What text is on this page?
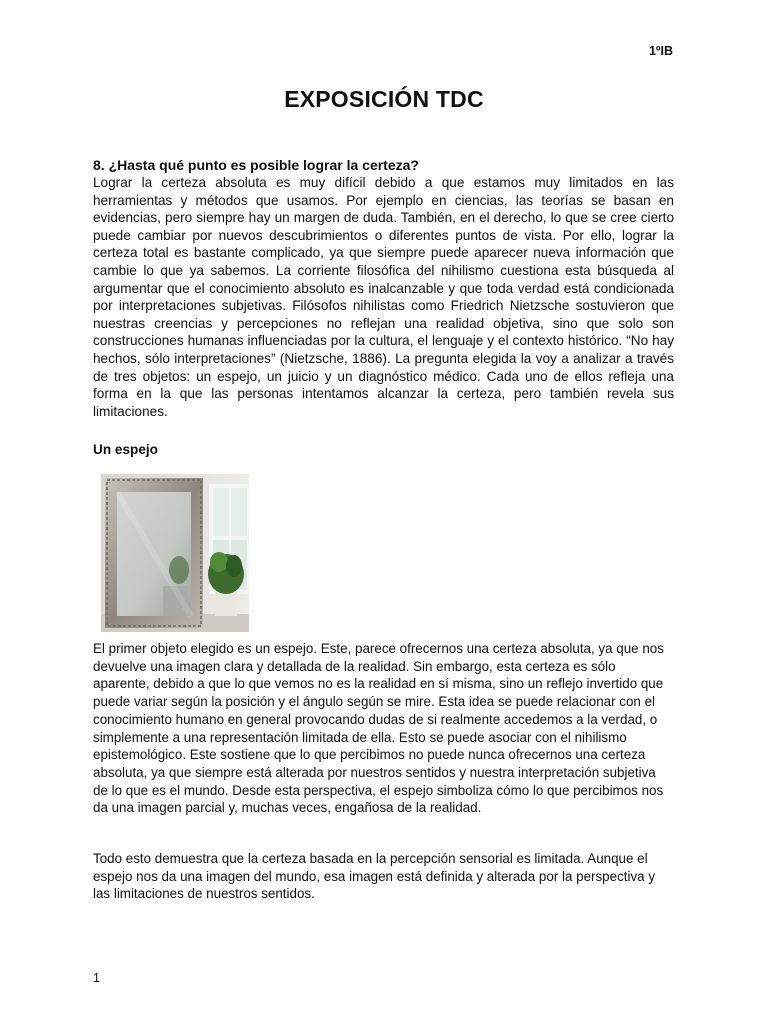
1ºIB
EXPOSICIÓN TDC

8. ¿Hasta qué punto es posible lograr la certeza?

Lograr la certeza absoluta es muy difícil debido a que estamos muy limitados en las herramientas y métodos que usamos. Por ejemplo en ciencias, las teorías se basan en evidencias, pero siempre hay un margen de duda. También, en el derecho, lo que se cree cierto puede cambiar por nuevos descubrimientos o diferentes puntos de vista. Por ello, lograr la certeza total es bastante complicado, ya que siempre puede aparecer nueva información que cambie lo que ya sabemos. La corriente filosófica del nihilismo cuestiona esta búsqueda al argumentar que el conocimiento absoluto es inalcanzable y que toda verdad está condicionada por interpretaciones subjetivas. Filósofos nihilistas como Friedrich Nietzsche sostuvieron que nuestras creencias y percepciones no reflejan una realidad objetiva, sino que solo son construcciones humanas influenciadas por la cultura, el lenguaje y el contexto histórico. “No hay hechos, sólo interpretaciones” (Nietzsche, 1886). La pregunta elegida la voy a analizar a través de tres objetos: un espejo, un juicio y un diagnóstico médico. Cada uno de ellos refleja una forma en la que las personas intentamos alcanzar la certeza, pero también revela sus limitaciones.

Un espejo

El primer objeto elegido es un espejo. Este, parece ofrecernos una certeza absoluta, ya que nos devuelve una imagen clara y detallada de la realidad. Sin embargo, esta certeza es sólo aparente, debido a que lo que vemos no es la realidad en sí misma, sino un reflejo invertido que puede variar según la posición y el ángulo según se mire. Esta idea se puede relacionar con el conocimiento humano en general provocando dudas de si realmente accedemos a la verdad, o simplemente a una representación limitada de ella. Esto se puede asociar con el nihilismo epistemológico. Este sostiene que lo que percibimos no puede nunca ofrecernos una certeza absoluta, ya que siempre está alterada por nuestros sentidos y nuestra interpretación subjetiva de lo que es el mundo. Desde esta perspectiva, el espejo simboliza cómo lo que percibimos nos da una imagen parcial y, muchas veces, engañosa de la realidad.

Todo esto demuestra que la certeza basada en la percepción sensorial es limitada. Aunque el espejo nos da una imagen del mundo, esa imagen está definida y alterada por la perspectiva y las limitaciones de nuestros sentidos.

1
